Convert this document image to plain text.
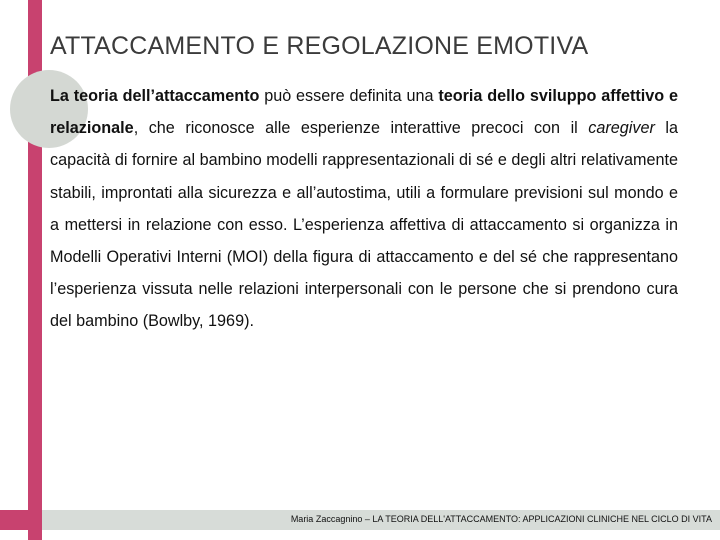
ATTACCAMENTO E REGOLAZIONE EMOTIVA

La teoria dell’attaccamento può essere definita una teoria dello sviluppo affettivo e relazionale, che riconosce alle esperienze interattive precoci con il caregiver la capacità di fornire al bambino modelli rappresentazionali di sé e degli altri relativamente stabili, improntati alla sicurezza e all’autostima, utili a formulare previsioni sul mondo e a mettersi in relazione con esso. L’esperienza affettiva di attaccamento si organizza in Modelli Operativi Interni (MOI) della figura di attaccamento e del sé che rappresentano l’esperienza vissuta nelle relazioni interpersonali con le persone che si prendono cura del bambino (Bowlby, 1969).

Maria Zaccagnino – LA TEORIA DELL'ATTACCAMENTO: APPLICAZIONI CLINICHE NEL CICLO DI VITA
